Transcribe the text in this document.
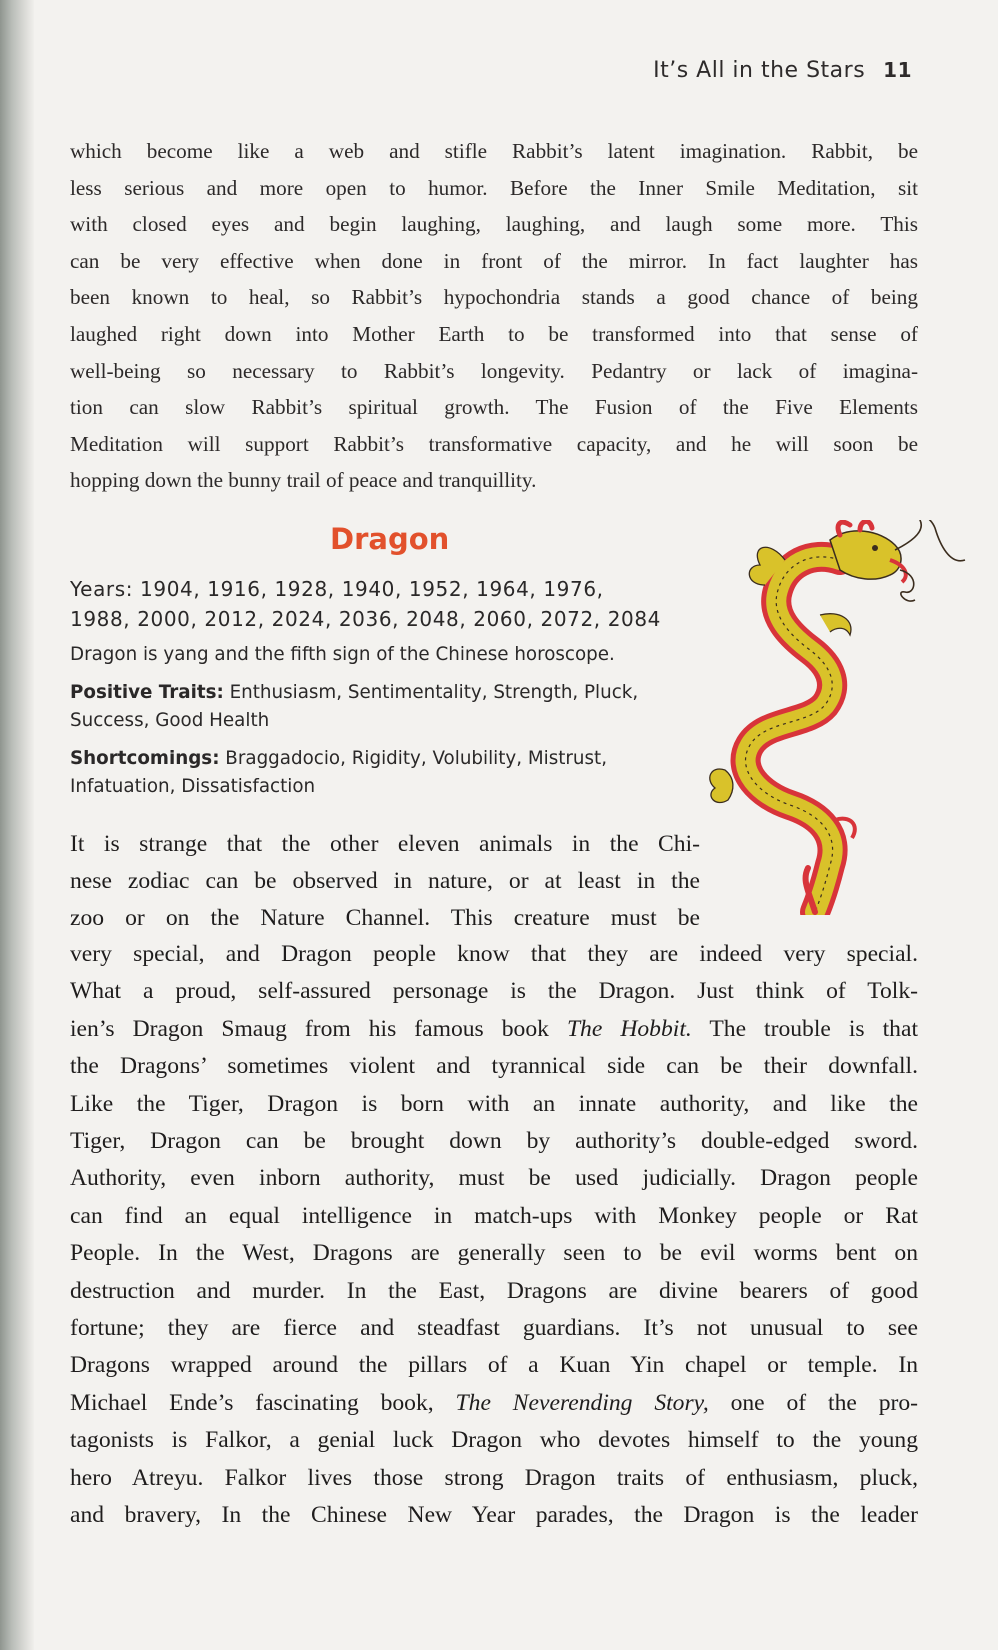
It’s All in the Stars 11
which become like a web and stifle Rabbit’s latent imagination. Rabbit, be
less serious and more open to humor. Before the Inner Smile Meditation, sit
with closed eyes and begin laughing, laughing, and laugh some more. This
can be very effective when done in front of the mirror. In fact laughter has
been known to heal, so Rabbit’s hypochondria stands a good chance of being
laughed right down into Mother Earth to be transformed into that sense of
well-being so necessary to Rabbit’s longevity. Pedantry or lack of imagina-
tion can slow Rabbit’s spiritual growth. The Fusion of the Five Elements
Meditation will support Rabbit’s transformative capacity, and he will soon be
hopping down the bunny trail of peace and tranquillity.
Dragon
Years: 1904, 1916, 1928, 1940, 1952, 1964, 1976,
1988, 2000, 2012, 2024, 2036, 2048, 2060, 2072, 2084
Dragon is yang and the fifth sign of the Chinese horoscope.
Positive Traits: Enthusiasm, Sentimentality, Strength, Pluck,
Success, Good Health
Shortcomings: Braggadocio, Rigidity, Volubility, Mistrust,
Infatuation, Dissatisfaction
It is strange that the other eleven animals in the Chi-
nese zodiac can be observed in nature, or at least in the
zoo or on the Nature Channel. This creature must be
very special, and Dragon people know that they are indeed very special.
What a proud, self-assured personage is the Dragon. Just think of Tolk-
ien’s Dragon Smaug from his famous book The Hobbit. The trouble is that
the Dragons’ sometimes violent and tyrannical side can be their downfall.
Like the Tiger, Dragon is born with an innate authority, and like the
Tiger, Dragon can be brought down by authority’s double-edged sword.
Authority, even inborn authority, must be used judicially. Dragon people
can find an equal intelligence in match-ups with Monkey people or Rat
People. In the West, Dragons are generally seen to be evil worms bent on
destruction and murder. In the East, Dragons are divine bearers of good
fortune; they are fierce and steadfast guardians. It’s not unusual to see
Dragons wrapped around the pillars of a Kuan Yin chapel or temple. In
Michael Ende’s fascinating book, The Neverending Story, one of the pro-
tagonists is Falkor, a genial luck Dragon who devotes himself to the young
hero Atreyu. Falkor lives those strong Dragon traits of enthusiasm, pluck,
and bravery, In the Chinese New Year parades, the Dragon is the leader
